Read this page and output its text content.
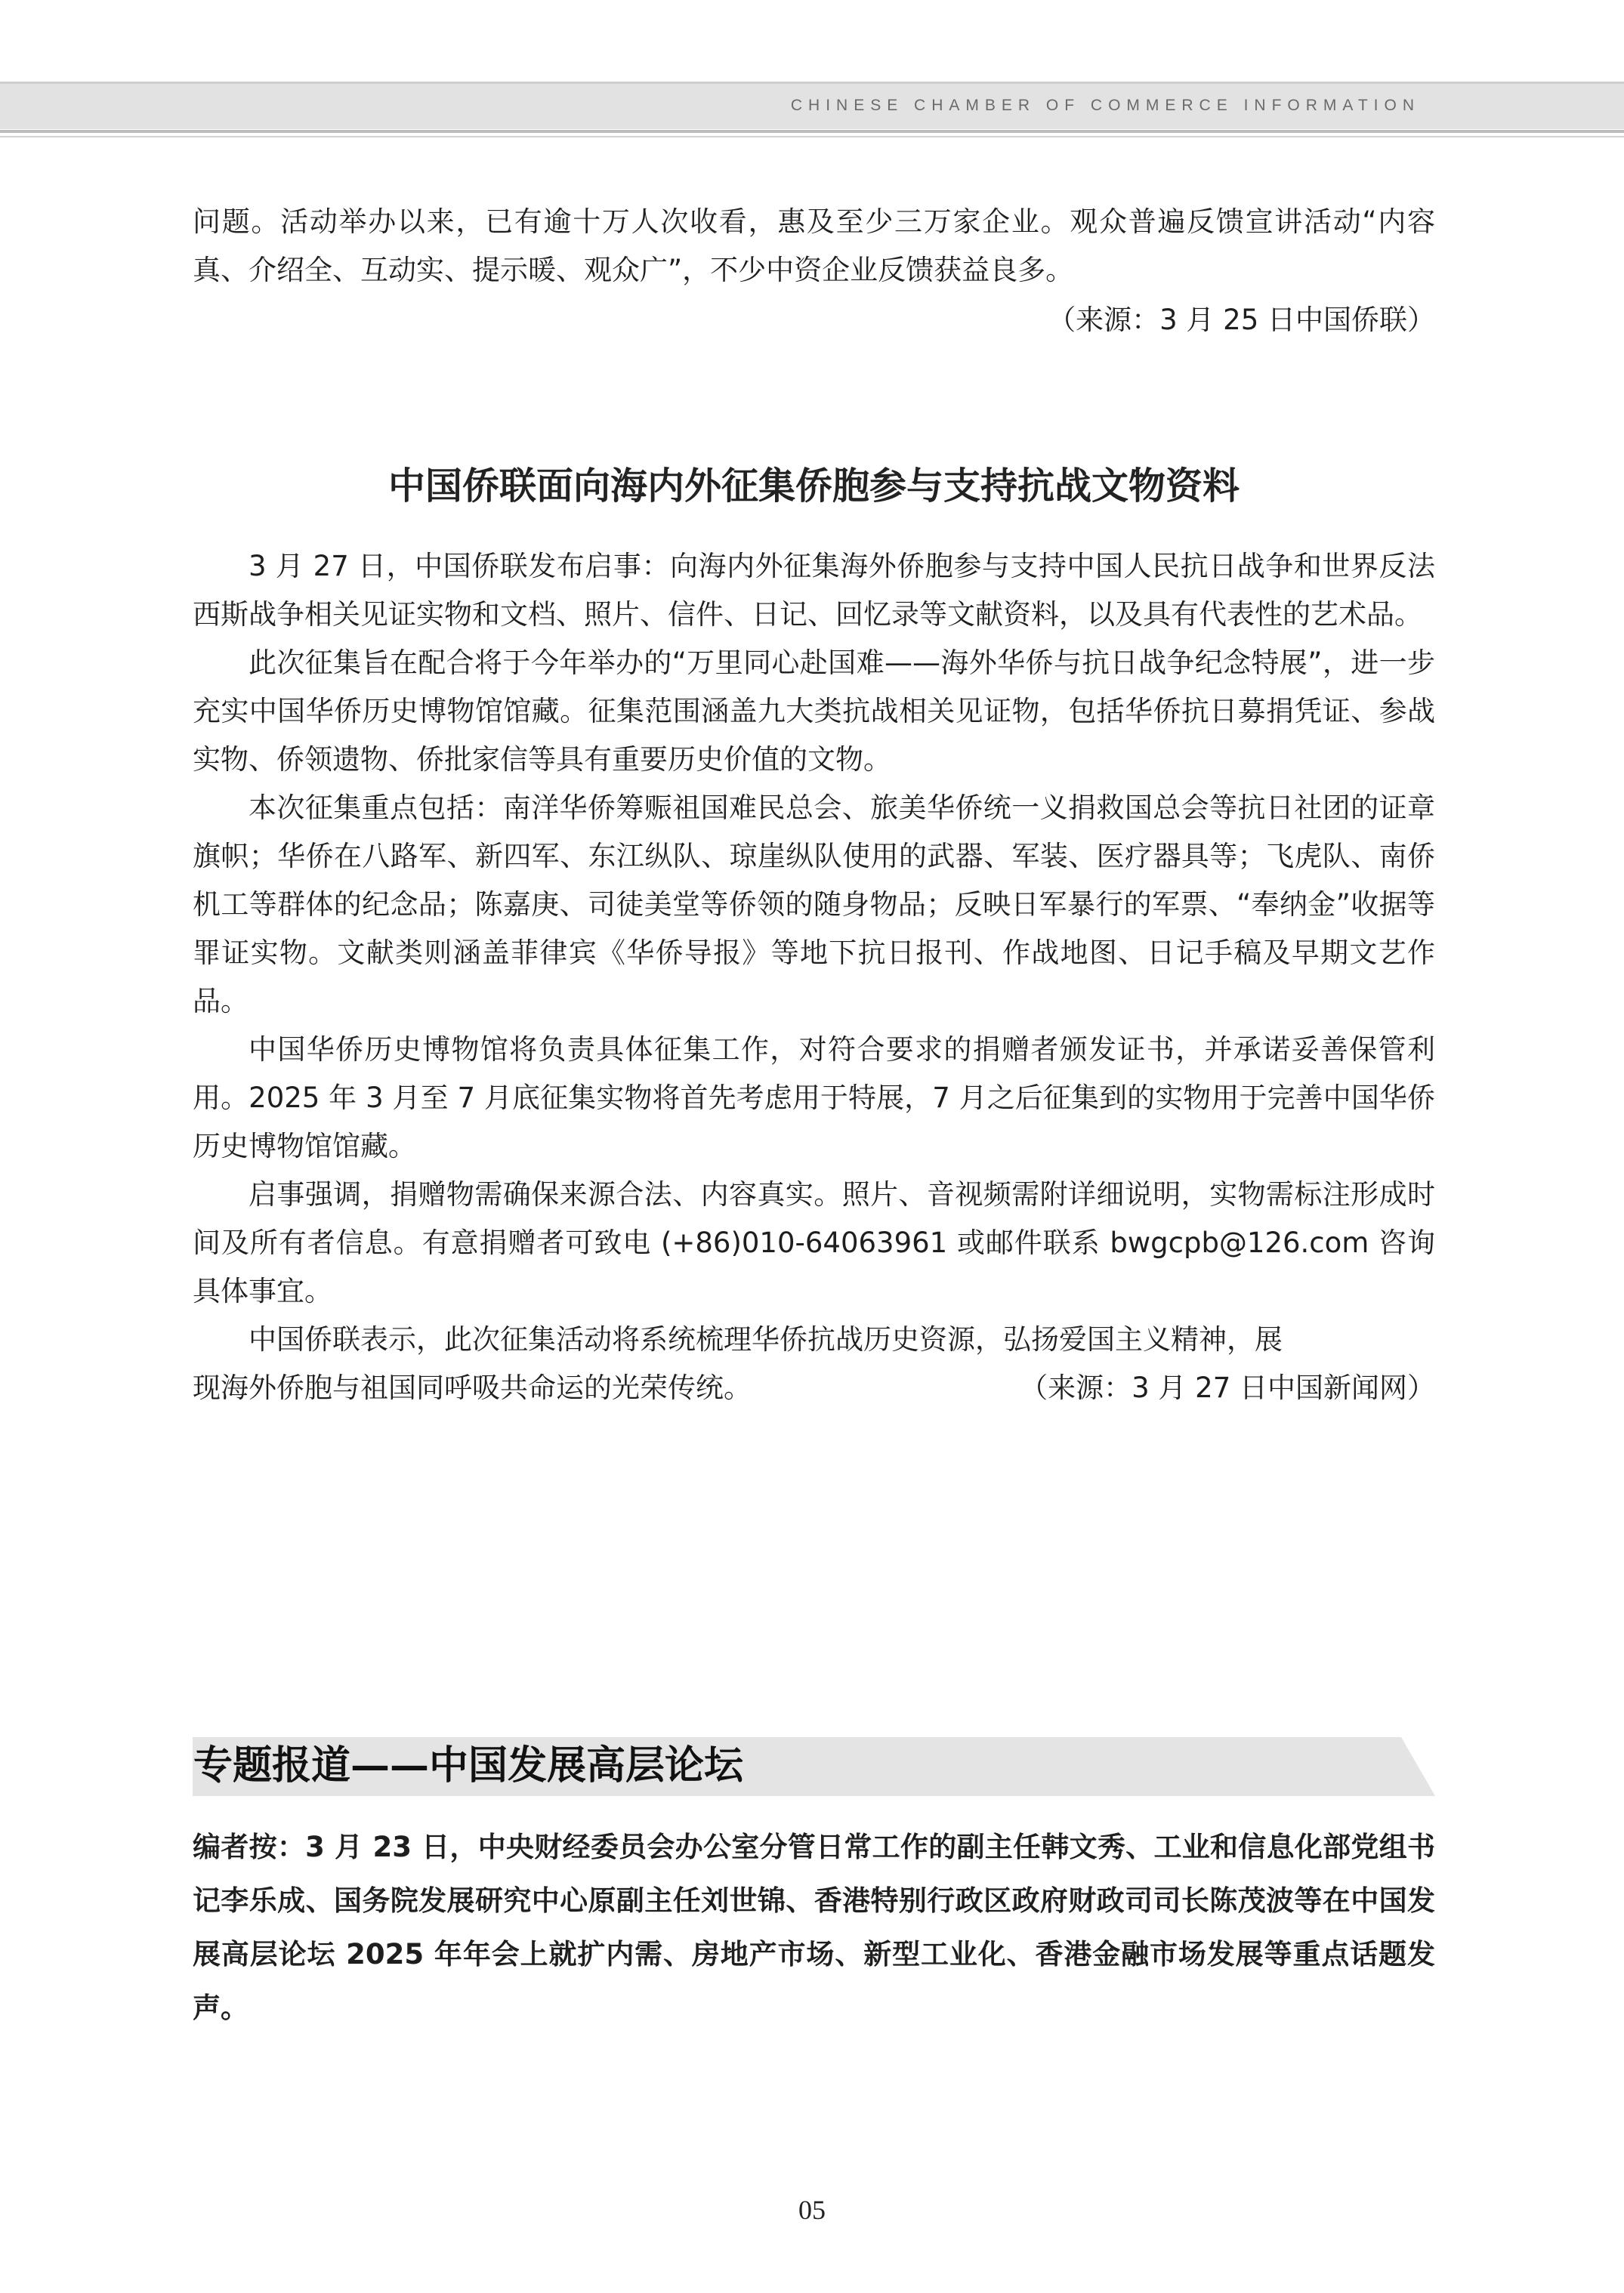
CHINESE CHAMBER OF COMMERCE INFORMATION

问题。活动举办以来，已有逾十万人次收看，惠及至少三万家企业。观众普遍反馈宣讲活动“内容真、介绍全、互动实、提示暖、观众广”，不少中资企业反馈获益良多。

（来源：3 月 25 日中国侨联）

中国侨联面向海内外征集侨胞参与支持抗战文物资料

3 月 27 日，中国侨联发布启事：向海内外征集海外侨胞参与支持中国人民抗日战争和世界反法西斯战争相关见证实物和文档、照片、信件、日记、回忆录等文献资料，以及具有代表性的艺术品。

此次征集旨在配合将于今年举办的“万里同心赴国难——海外华侨与抗日战争纪念特展”，进一步充实中国华侨历史博物馆馆藏。征集范围涵盖九大类抗战相关见证物，包括华侨抗日募捐凭证、参战实物、侨领遗物、侨批家信等具有重要历史价值的文物。

本次征集重点包括：南洋华侨筹赈祖国难民总会、旅美华侨统一义捐救国总会等抗日社团的证章旗帜；华侨在八路军、新四军、东江纵队、琼崖纵队使用的武器、军装、医疗器具等；飞虎队、南侨机工等群体的纪念品；陈嘉庚、司徒美堂等侨领的随身物品；反映日军暴行的军票、“奉纳金”收据等罪证实物。文献类则涵盖菲律宾《华侨导报》等地下抗日报刊、作战地图、日记手稿及早期文艺作品。

中国华侨历史博物馆将负责具体征集工作，对符合要求的捐赠者颁发证书，并承诺妥善保管利用。2025 年 3 月至 7 月底征集实物将首先考虑用于特展，7 月之后征集到的实物用于完善中国华侨历史博物馆馆藏。

启事强调，捐赠物需确保来源合法、内容真实。照片、音视频需附详细说明，实物需标注形成时间及所有者信息。有意捐赠者可致电 (+86)010-64063961 或邮件联系 bwgcpb@126.com 咨询具体事宜。

中国侨联表示，此次征集活动将系统梳理华侨抗战历史资源，弘扬爱国主义精神，展

现海外侨胞与祖国同呼吸共命运的光荣传统。	（来源：3 月 27 日中国新闻网）
专题报道——中国发展高层论坛

编者按：3 月 23 日，中央财经委员会办公室分管日常工作的副主任韩文秀、工业和信息化部党组书记李乐成、国务院发展研究中心原副主任刘世锦、香港特别行政区政府财政司司长陈茂波等在中国发展高层论坛 2025 年年会上就扩内需、房地产市场、新型工业化、香港金融市场发展等重点话题发声。

05
